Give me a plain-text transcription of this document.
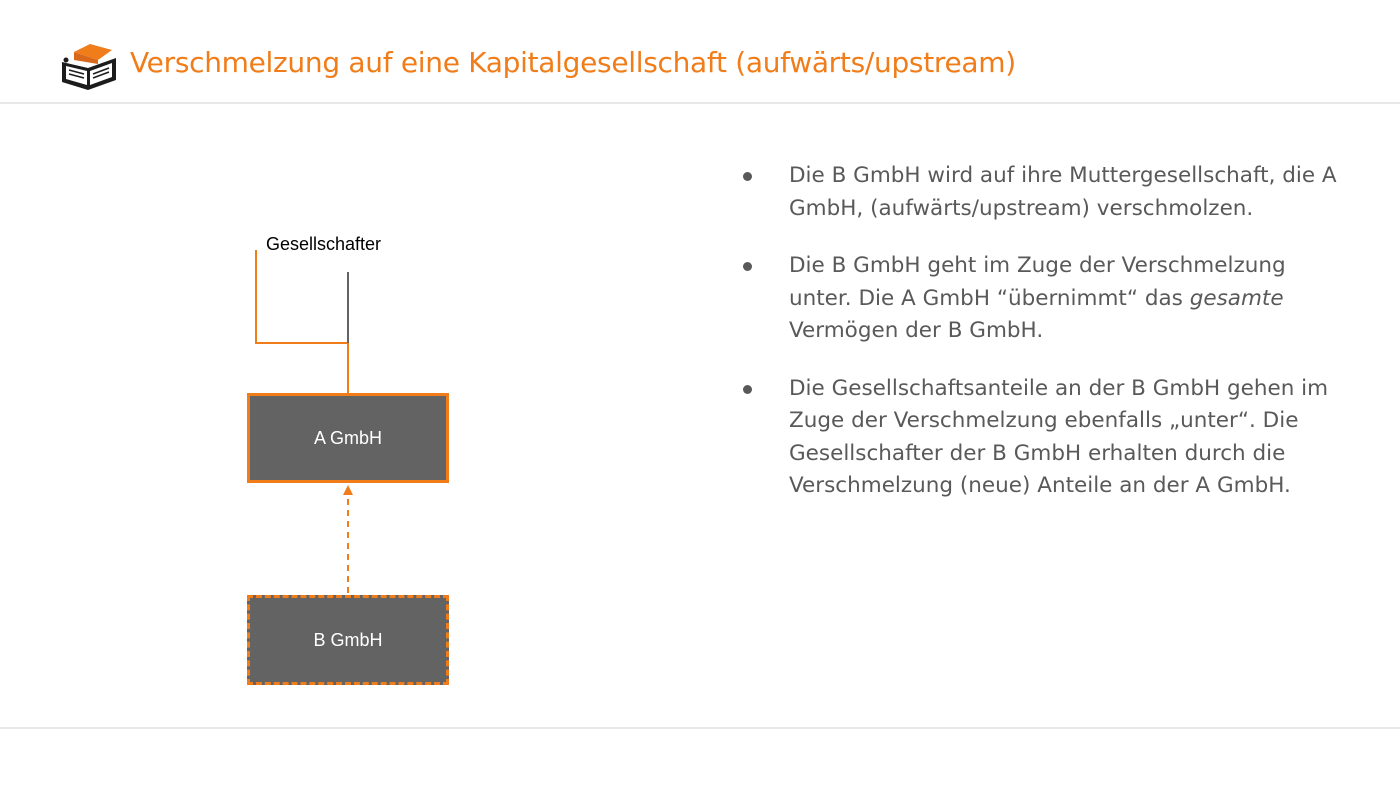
Verschmelzung auf eine Kapitalgesellschaft (aufwärts/upstream)
Gesellschafter
A GmbH
B GmbH
Die B GmbH wird auf ihre Muttergesellschaft, die A GmbH, (aufwärts/upstream) verschmolzen.
Die B GmbH geht im Zuge der Verschmelzung unter. Die A GmbH “übernimmt“ das gesamte Vermögen der B GmbH.
Die Gesellschaftsanteile an der B GmbH gehen im Zuge der Verschmelzung ebenfalls „unter“. Die Gesellschafter der B GmbH erhalten durch die Verschmelzung (neue) Anteile an der A GmbH.
